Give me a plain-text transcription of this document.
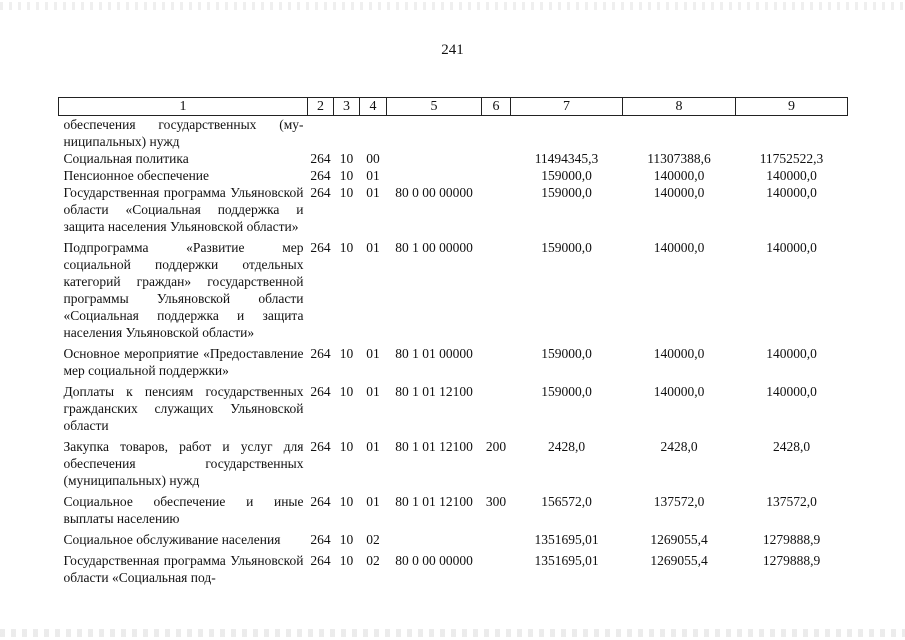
241
1	2	3	4	5	6	7	8	9
обеспечения государственных (му-ниципальных) нужд								
Социальная политика	264	10	00			11494345,3	11307388,6	11752522,3
Пенсионное обеспечение	264	10	01			159000,0	140000,0	140000,0
Государственная программа Ульяновской области «Социальная поддержка и защита населения Ульяновской области»	264	10	01	80 0 00 00000		159000,0	140000,0	140000,0
Подпрограмма «Развитие мер социальной поддержки отдельных категорий граждан» государственной программы Ульяновской области «Социальная поддержка и защита населения Ульяновской области»	264	10	01	80 1 00 00000		159000,0	140000,0	140000,0
Основное мероприятие «Предоставление мер социальной поддержки»	264	10	01	80 1 01 00000		159000,0	140000,0	140000,0
Доплаты к пенсиям государственных гражданских служащих Ульяновской области	264	10	01	80 1 01 12100		159000,0	140000,0	140000,0
Закупка товаров, работ и услуг для обеспечения государственных (муниципальных) нужд	264	10	01	80 1 01 12100	200	2428,0	2428,0	2428,0
Социальное обеспечение и иные выплаты населению	264	10	01	80 1 01 12100	300	156572,0	137572,0	137572,0
Социальное обслуживание населения	264	10	02			1351695,01	1269055,4	1279888,9
Государственная программа Ульяновской области «Социальная под-	264	10	02	80 0 00 00000		1351695,01	1269055,4	1279888,9
